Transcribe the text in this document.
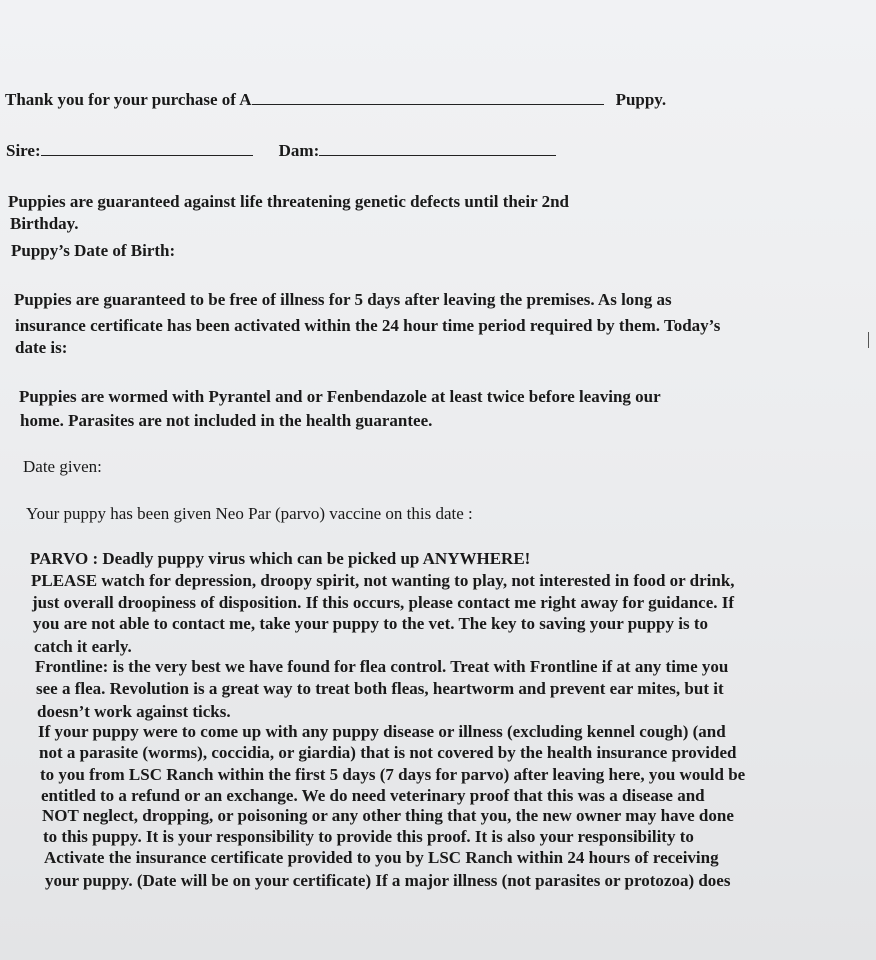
Thank you for your purchase of A	Puppy.
Sire:	Dam:
Puppies are guaranteed against life threatening genetic defects until their 2nd
Birthday.
Puppy’s Date of Birth:
Puppies are guaranteed to be free of illness for 5 days after leaving the premises. As long as
insurance certificate has been activated within the 24 hour time period required by them. Today’s
date is:
Puppies are wormed with Pyrantel and or Fenbendazole at least twice before leaving our
home. Parasites are not included in the health guarantee.
Date given:
Your puppy has been given Neo Par (parvo) vaccine on this date :
PARVO : Deadly puppy virus which can be picked up ANYWHERE!
PLEASE watch for depression, droopy spirit, not wanting to play, not interested in food or drink,
just overall droopiness of disposition. If this occurs, please contact me right away for guidance. If
you are not able to contact me, take your puppy to the vet. The key to saving your puppy is to
catch it early.
Frontline: is the very best we have found for flea control. Treat with Frontline if at any time you
see a flea. Revolution is a great way to treat both fleas, heartworm and prevent ear mites, but it
doesn’t work against ticks.
If your puppy were to come up with any puppy disease or illness (excluding kennel cough) (and
not a parasite (worms), coccidia, or giardia) that is not covered by the health insurance provided
to you from LSC Ranch within the first 5 days (7 days for parvo) after leaving here, you would be
entitled to a refund or an exchange. We do need veterinary proof that this was a disease and
NOT neglect, dropping, or poisoning or any other thing that you, the new owner may have done
to this puppy. It is your responsibility to provide this proof. It is also your responsibility to
Activate the insurance certificate provided to you by LSC Ranch within 24 hours of receiving
your puppy. (Date will be on your certificate) If a major illness (not parasites or protozoa) does
